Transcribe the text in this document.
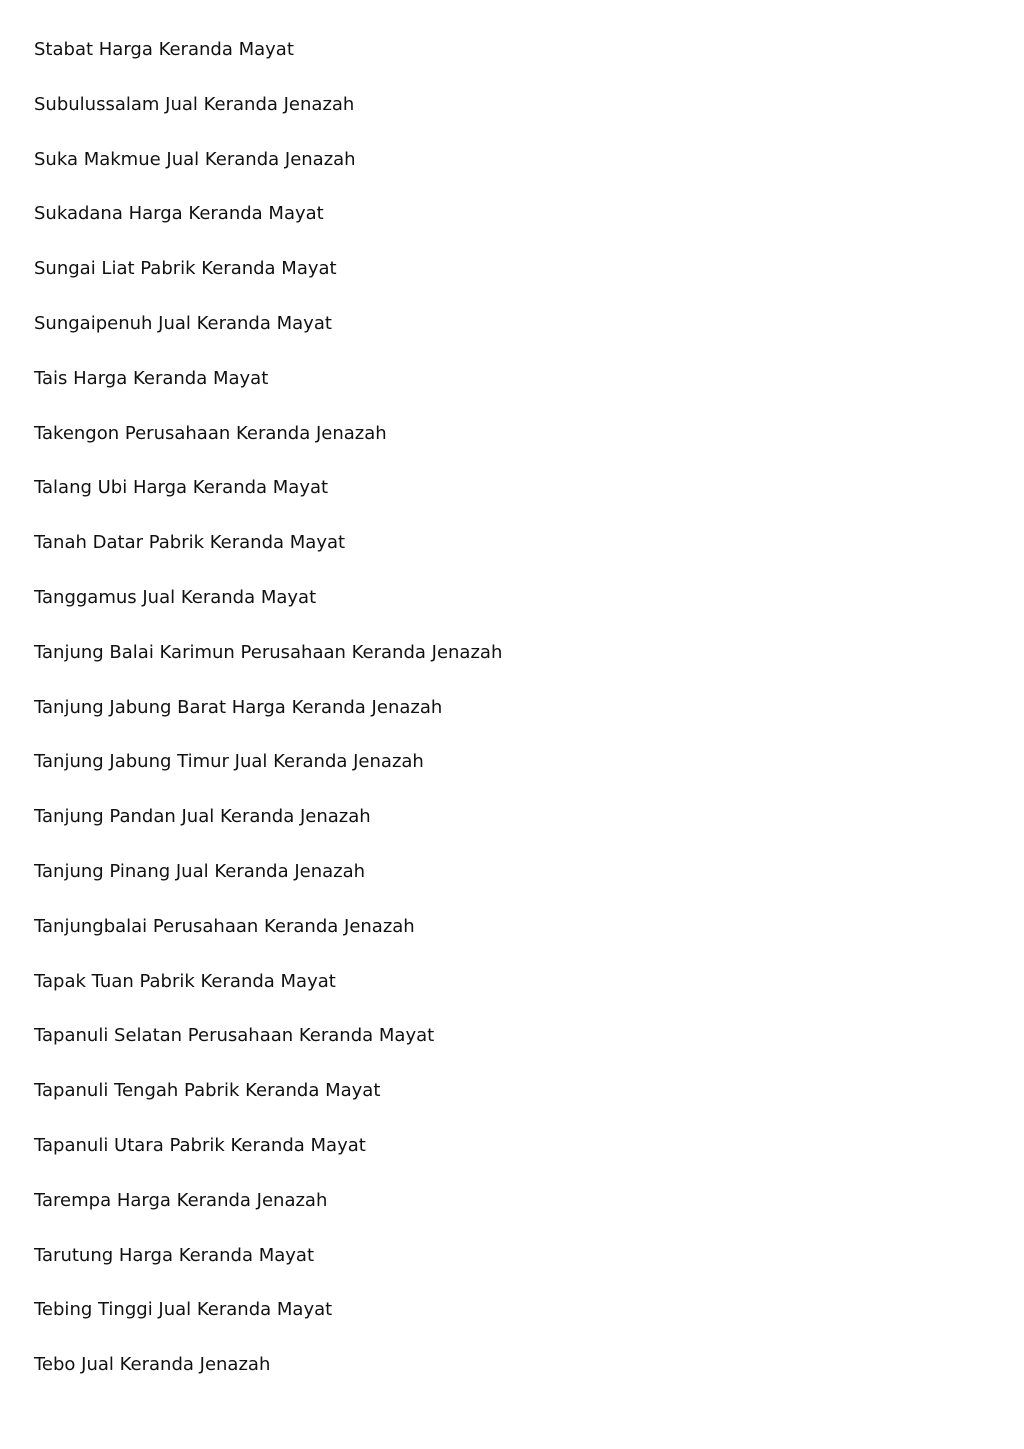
Stabat Harga Keranda Mayat
Subulussalam Jual Keranda Jenazah
Suka Makmue Jual Keranda Jenazah
Sukadana Harga Keranda Mayat
Sungai Liat Pabrik Keranda Mayat
Sungaipenuh Jual Keranda Mayat
Tais Harga Keranda Mayat
Takengon Perusahaan Keranda Jenazah
Talang Ubi Harga Keranda Mayat
Tanah Datar Pabrik Keranda Mayat
Tanggamus Jual Keranda Mayat
Tanjung Balai Karimun Perusahaan Keranda Jenazah
Tanjung Jabung Barat Harga Keranda Jenazah
Tanjung Jabung Timur Jual Keranda Jenazah
Tanjung Pandan Jual Keranda Jenazah
Tanjung Pinang Jual Keranda Jenazah
Tanjungbalai Perusahaan Keranda Jenazah
Tapak Tuan Pabrik Keranda Mayat
Tapanuli Selatan Perusahaan Keranda Mayat
Tapanuli Tengah Pabrik Keranda Mayat
Tapanuli Utara Pabrik Keranda Mayat
Tarempa Harga Keranda Jenazah
Tarutung Harga Keranda Mayat
Tebing Tinggi Jual Keranda Mayat
Tebo Jual Keranda Jenazah
